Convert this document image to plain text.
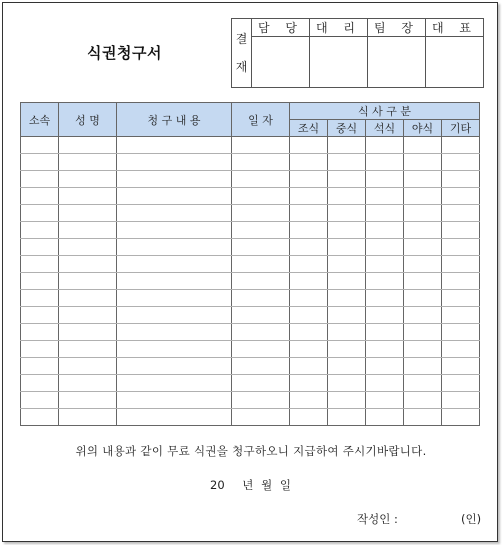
식권청구서
결
재	담 당	대 리	팀 장	대 표

소속	성 명	청 구 내 용	일 자	식 사 구 분				
				조식	중식	석식	야식	기타

위의 내용과 같이 무료 식권을 청구하오니 지급하여 주시기바랍니다.
20 년 월 일
작성인 :	(인)
